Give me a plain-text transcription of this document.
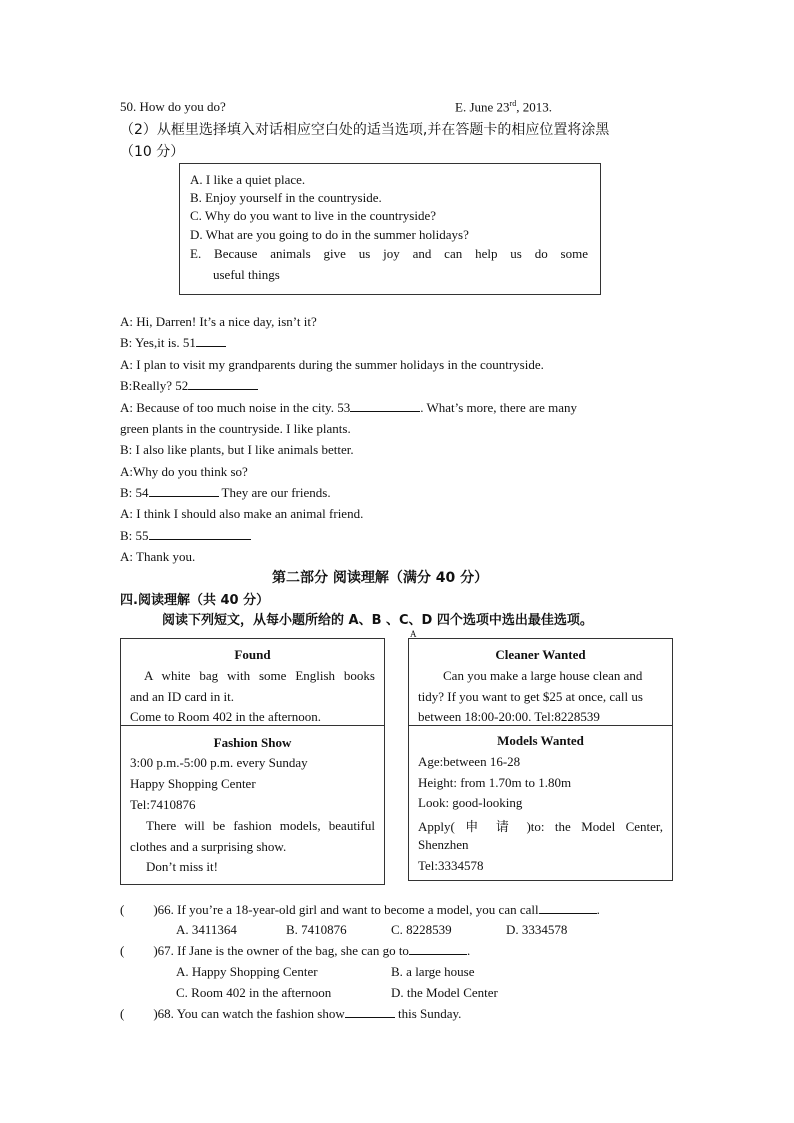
50. How do you do?	E. June 23rd, 2013.
（2）从框里选择填入对话相应空白处的适当选项,并在答题卡的相应位置将涂黑
（10 分）
A. I like a quiet place.
B. Enjoy yourself in the countryside.
C. Why do you want to live in the countryside?
D. What are you going to do in the summer holidays?
E. Because animals give us joy and can help us do some
useful things
A: Hi, Darren! It’s a nice day, isn’t it?
B: Yes,it is. 51
A: I plan to visit my grandparents during the summer holidays in the countryside.
B:Really? 52
A: Because of too much noise in the city. 53	. What’s more, there are many
green plants in the countryside. I like plants.
B: I also like plants, but I like animals better.
A:Why do you think so?
B: 54	They are our friends.
A: I think I should also make an animal friend.
B: 55
A: Thank you.
第二部分 阅读理解（满分 40 分）
四.阅读理解（共 40 分）
阅读下列短文，从每小题所给的 A、B 、C、D 四个选项中选出最佳选项。
A
Found
A white bag with some English books
and an ID card in it.
Come to Room 402 in the afternoon.
Cleaner Wanted
Can you make a large house clean and
tidy? If you want to get $25 at once, call us
between 18:00-20:00. Tel:8228539
Fashion Show
3:00 p.m.-5:00 p.m. every Sunday
Happy Shopping Center
Tel:7410876
There will be fashion models, beautiful
clothes and a surprising show.
Don’t miss it!
Models Wanted
Age:between 16-28
Height: from 1.70m to 1.80m
Look: good-looking
Apply( 申 请 )to: the Model Center,
Shenzhen
Tel:3334578
( )66. If you’re a 18-year-old girl and want to become a model, you can call	.
A. 3411364	B. 7410876	C. 8228539	D. 3334578
( )67. If Jane is the owner of the bag, she can go to	.
A. Happy Shopping Center	B. a large house
C. Room 402 in the afternoon	D. the Model Center
( )68. You can watch the fashion show	this Sunday.
